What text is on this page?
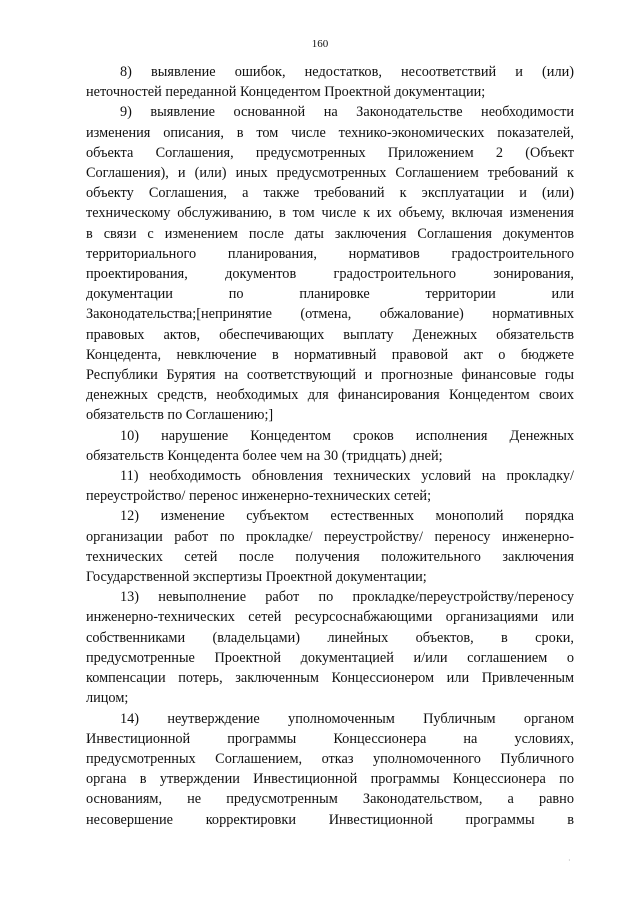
160
8) выявление ошибок, недостатков, несоответствий и (или)
неточностей переданной Концедентом Проектной документации;
9) выявление основанной на Законодательстве необходимости
изменения описания, в том числе технико-экономических показателей,
объекта Соглашения, предусмотренных Приложением 2 (Объект
Соглашения), и (или) иных предусмотренных Соглашением требований к
объекту Соглашения, а также требований к эксплуатации и (или)
техническому обслуживанию, в том числе к их объему, включая изменения
в связи с изменением после даты заключения Соглашения документов
территориального планирования, нормативов градостроительного
проектирования, документов градостроительного зонирования,
документации по планировке территории или
Законодательства;[непринятие (отмена, обжалование) нормативных
правовых актов, обеспечивающих выплату Денежных обязательств
Концедента, невключение в нормативный правовой акт о бюджете
Республики Бурятия на соответствующий и прогнозные финансовые годы
денежных средств, необходимых для финансирования Концедентом своих
обязательств по Соглашению;]
10) нарушение Концедентом сроков исполнения Денежных
обязательств Концедента более чем на 30 (тридцать) дней;
11) необходимость обновления технических условий на прокладку/
переустройство/ перенос инженерно-технических сетей;
12) изменение субъектом естественных монополий порядка
организации работ по прокладке/ переустройству/ переносу инженерно-
технических сетей после получения положительного заключения
Государственной экспертизы Проектной документации;
13) невыполнение работ по прокладке/переустройству/переносу
инженерно-технических сетей ресурсоснабжающими организациями или
собственниками (владельцами) линейных объектов, в сроки,
предусмотренные Проектной документацией и/или соглашением о
компенсации потерь, заключенным Концессионером или Привлеченным
лицом;
14) неутверждение уполномоченным Публичным органом
Инвестиционной программы Концессионера на условиях,
предусмотренных Соглашением, отказ уполномоченного Публичного
органа в утверждении Инвестиционной программы Концессионера по
основаниям, не предусмотренным Законодательством, а равно
несовершение корректировки Инвестиционной программы в
·
